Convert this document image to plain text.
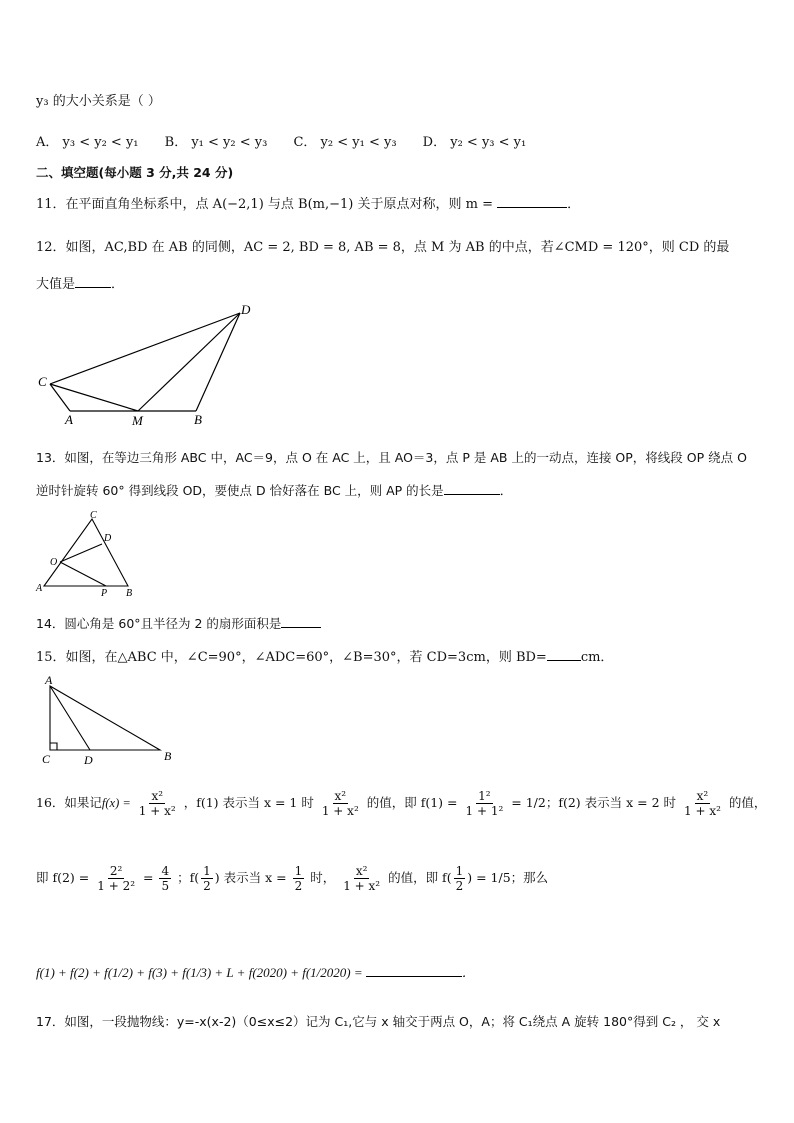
y₃ 的大小关系是（ ）
A． y₃ < y₂ < y₁ B． y₁ < y₂ < y₃ C． y₂ < y₁ < y₃ D． y₂ < y₃ < y₁
二、填空题(每小题 3 分,共 24 分)
11．在平面直角坐标系中，点 A(−2,1) 与点 B(m,−1) 关于原点对称，则 m =	．
12．如图，AC,BD 在 AB 的同侧，AC = 2, BD = 8, AB = 8，点 M 为 AB 的中点，若∠CMD = 120°，则 CD 的最
大值是	．
C
A	M	B
D
13．如图，在等边三角形 ABC 中，AC＝9，点 O 在 AC 上，且 AO＝3，点 P 是 AB 上的一动点，连接 OP，将线段 OP 绕点 O
逆时针旋转 60° 得到线段 OD，要使点 D 恰好落在 BC 上，则 AP 的长是	．
C
D
O
A	P B
14．圆心角是 60°且半径为 2 的扇形面积是
15．如图，在△ABC 中，∠C=90°，∠ADC=60°，∠B=30°，若 CD=3cm，则 BD=	cm．
A
C	D	B
16．如果记$f(x) = \frac{\text{x²}}{\text{1 + x²}}$ ，f(1) 表示当 x = 1 时 $\frac{\text{x²}}{\text{1 + x²}}$ 的值，即 $f(1) = \frac{\text{1²}}{\text{1 + 1²}} = 1/2$；f(2) 表示当 x = 2 时 $\frac{\text{x²}}{\text{1 + x²}}$ 的值，
即 $f(2) = \frac{\text{2²}}{\text{1 + 2²}} = \frac{4}{5}$ ；$f( \frac{1}{2}$ ) 表示当 $x = \frac{1}{2}$ 时， $\frac{\text{x²}}{\text{1 + x²}}$ 的值，即 $f( \frac{1}{2}$ ) = 1/5；那么
f(1) + f(2) + f(1/2) + f(3) + f(1/3) + L + f(2020) + f(1/2020) =	．
17．如图，一段抛物线：y=-x(x-2)（0≤x≤2）记为 C₁,它与 x 轴交于两点 O，A；将 C₁绕点 A 旋转 180°得到 C₂ ， 交 x
